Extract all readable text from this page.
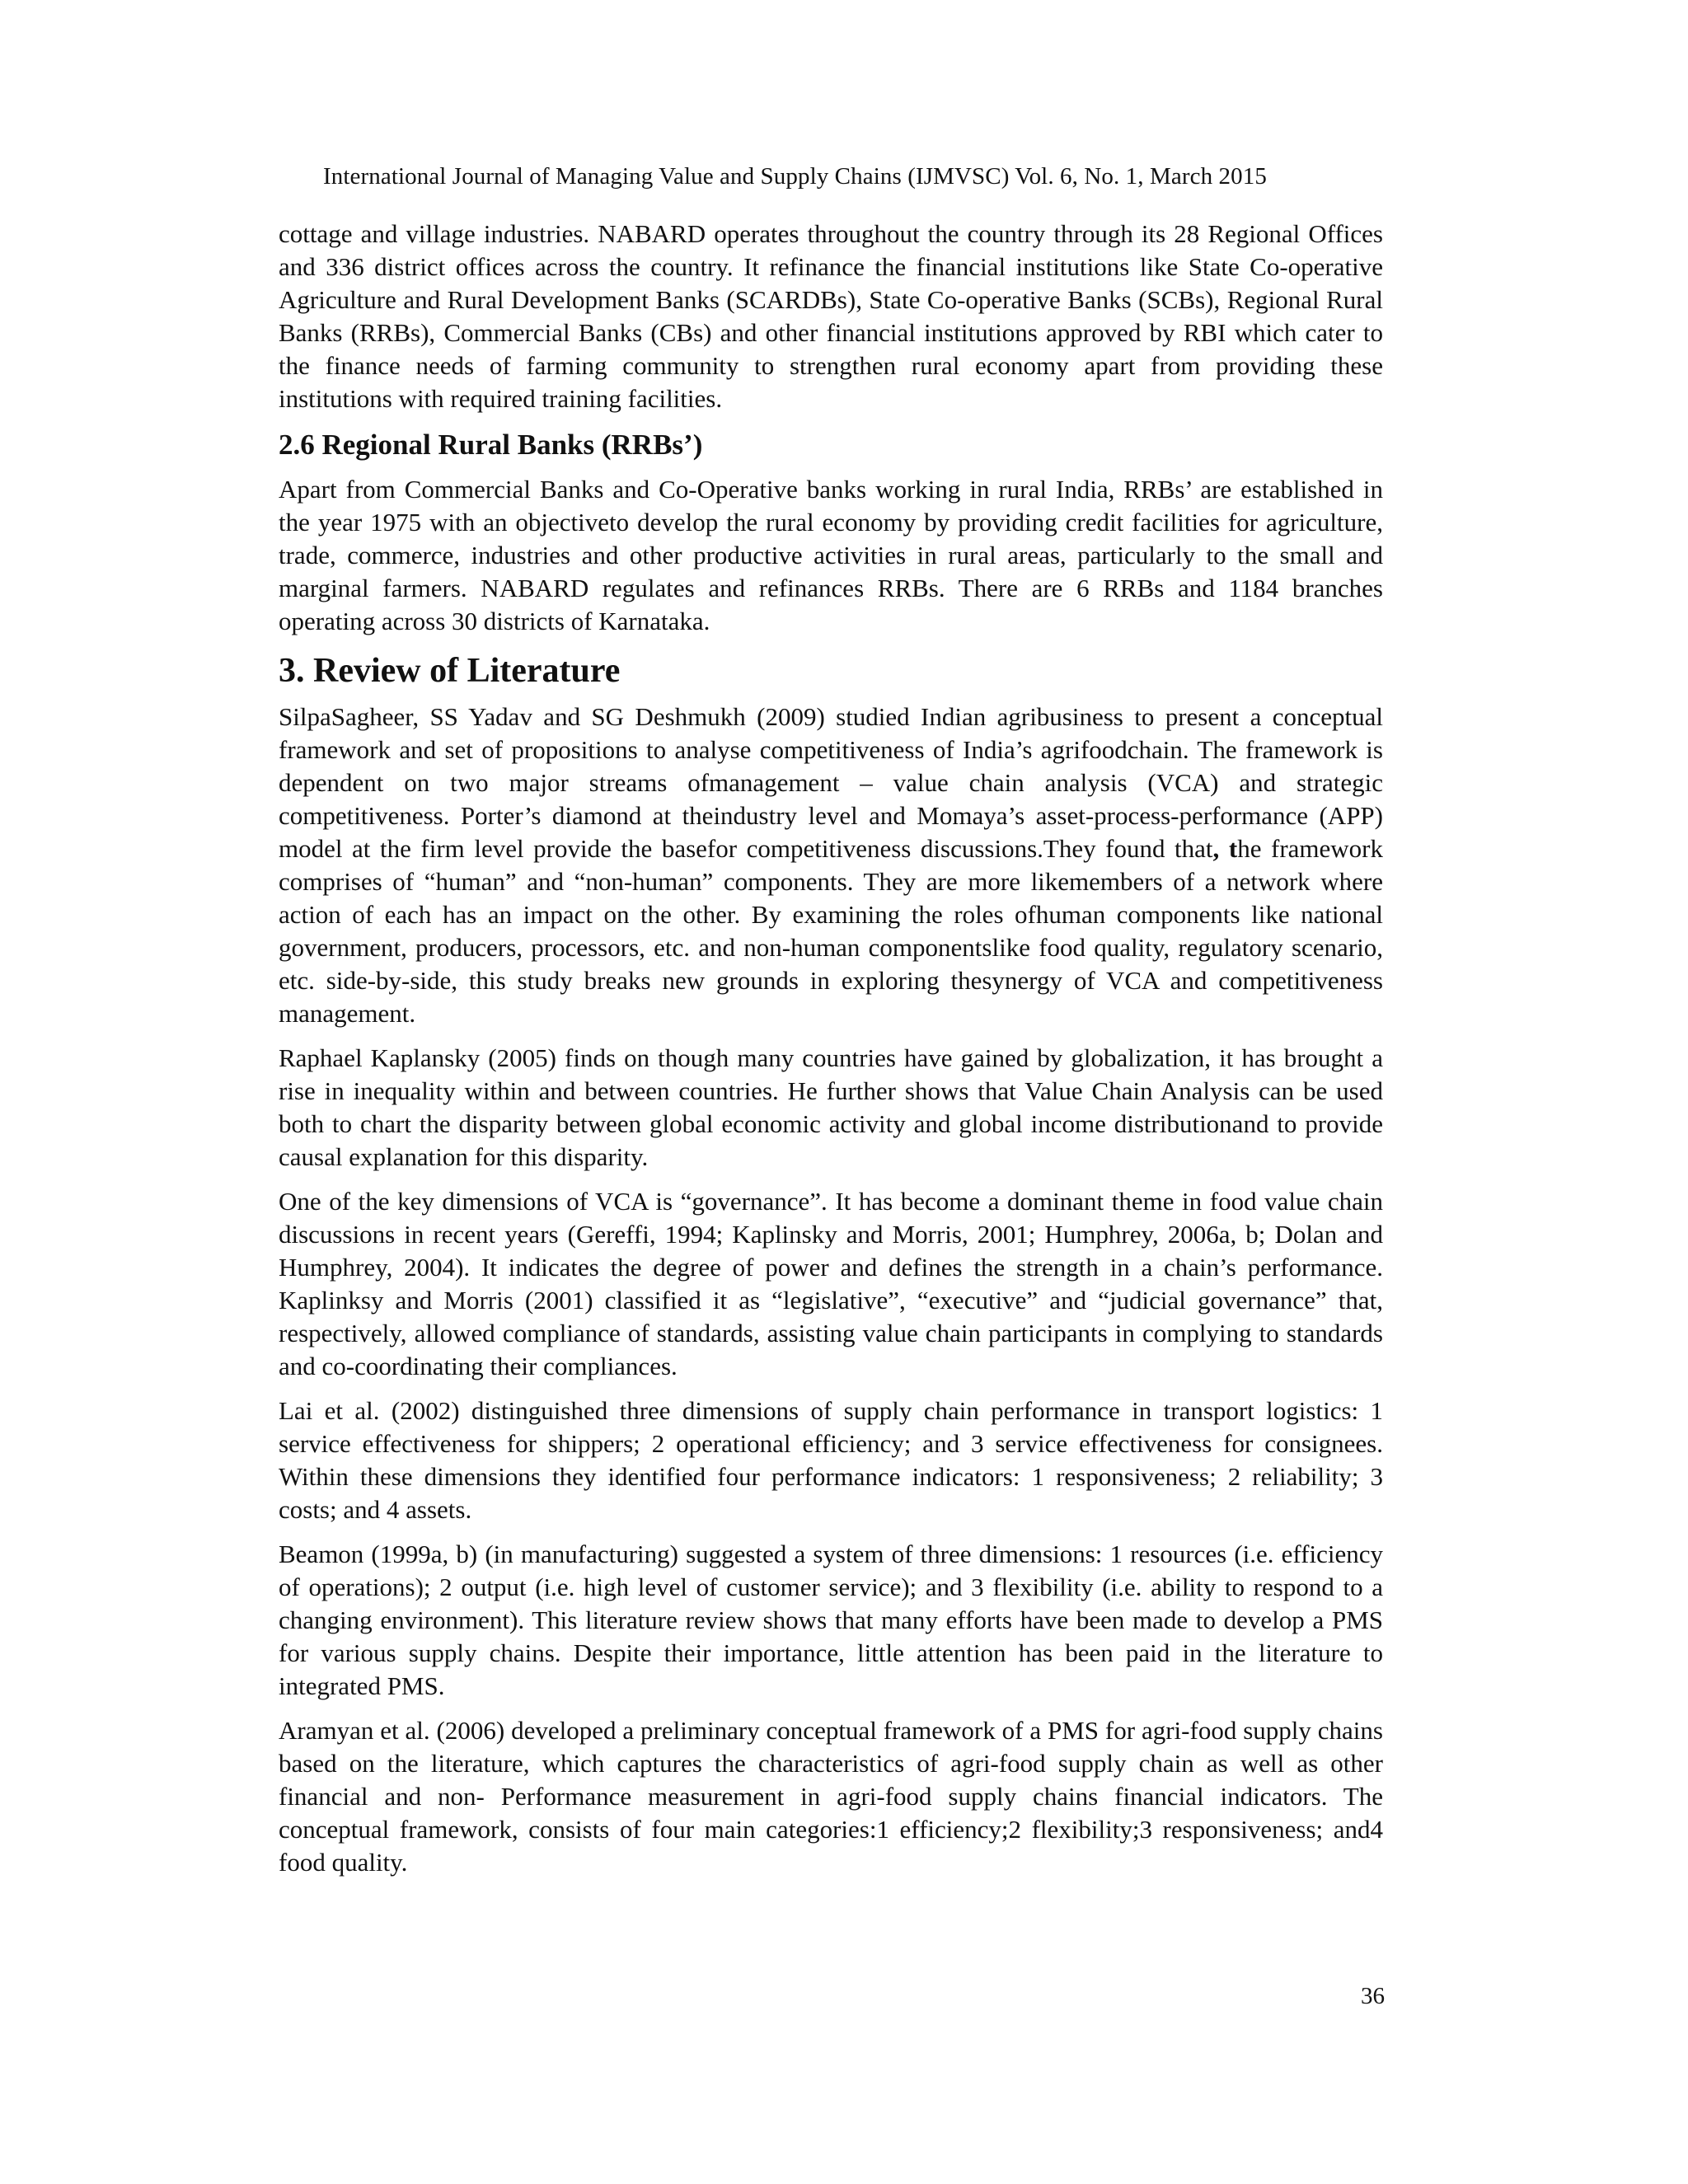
International Journal of Managing Value and Supply Chains (IJMVSC) Vol. 6, No. 1, March 2015

cottage and village industries. NABARD operates throughout the country through its 28 Regional Offices and 336 district offices across the country. It refinance the financial institutions like State Co-operative Agriculture and Rural Development Banks (SCARDBs), State Co-operative Banks (SCBs), Regional Rural Banks (RRBs), Commercial Banks (CBs) and other financial institutions approved by RBI which cater to the finance needs of farming community to strengthen rural economy apart from providing these institutions with required training facilities.

2.6 Regional Rural Banks (RRBs’)

Apart from Commercial Banks and Co-Operative banks working in rural India, RRBs’ are established in the year 1975 with an objectiveto develop the rural economy by providing credit facilities for agriculture, trade, commerce, industries and other productive activities in rural areas, particularly to the small and marginal farmers. NABARD regulates and refinances RRBs. There are 6 RRBs and 1184 branches operating across 30 districts of Karnataka.

3. Review of Literature

SilpaSagheer, SS Yadav and SG Deshmukh (2009) studied Indian agribusiness to present a conceptual framework and set of propositions to analyse competitiveness of India’s agrifoodchain. The framework is dependent on two major streams ofmanagement – value chain analysis (VCA) and strategic competitiveness. Porter’s diamond at theindustry level and Momaya’s asset-process-performance (APP) model at the firm level provide the basefor competitiveness discussions.They found that, the framework comprises of “human” and “non-human” components. They are more likemembers of a network where action of each has an impact on the other. By examining the roles ofhuman components like national government, producers, processors, etc. and non-human componentslike food quality, regulatory scenario, etc. side-by-side, this study breaks new grounds in exploring thesynergy of VCA and competitiveness management.

Raphael Kaplansky (2005) finds on though many countries have gained by globalization, it has brought a rise in inequality within and between countries. He further shows that Value Chain Analysis can be used both to chart the disparity between global economic activity and global income distributionand to provide causal explanation for this disparity.

One of the key dimensions of VCA is “governance”. It has become a dominant theme in food value chain discussions in recent years (Gereffi, 1994; Kaplinsky and Morris, 2001; Humphrey, 2006a, b; Dolan and Humphrey, 2004). It indicates the degree of power and defines the strength in a chain’s performance. Kaplinksy and Morris (2001) classified it as “legislative”, “executive” and “judicial governance” that, respectively, allowed compliance of standards, assisting value chain participants in complying to standards and co-coordinating their compliances.

Lai et al. (2002) distinguished three dimensions of supply chain performance in transport logistics: 1 service effectiveness for shippers; 2 operational efficiency; and 3 service effectiveness for consignees. Within these dimensions they identified four performance indicators: 1 responsiveness; 2 reliability; 3 costs; and 4 assets.

Beamon (1999a, b) (in manufacturing) suggested a system of three dimensions: 1 resources (i.e. efficiency of operations); 2 output (i.e. high level of customer service); and 3 flexibility (i.e. ability to respond to a changing environment). This literature review shows that many efforts have been made to develop a PMS for various supply chains. Despite their importance, little attention has been paid in the literature to integrated PMS.

Aramyan et al. (2006) developed a preliminary conceptual framework of a PMS for agri-food supply chains based on the literature, which captures the characteristics of agri-food supply chain as well as other financial and non- Performance measurement in agri-food supply chains financial indicators. The conceptual framework, consists of four main categories:1 efficiency;2 flexibility;3 responsiveness; and4 food quality.

36
